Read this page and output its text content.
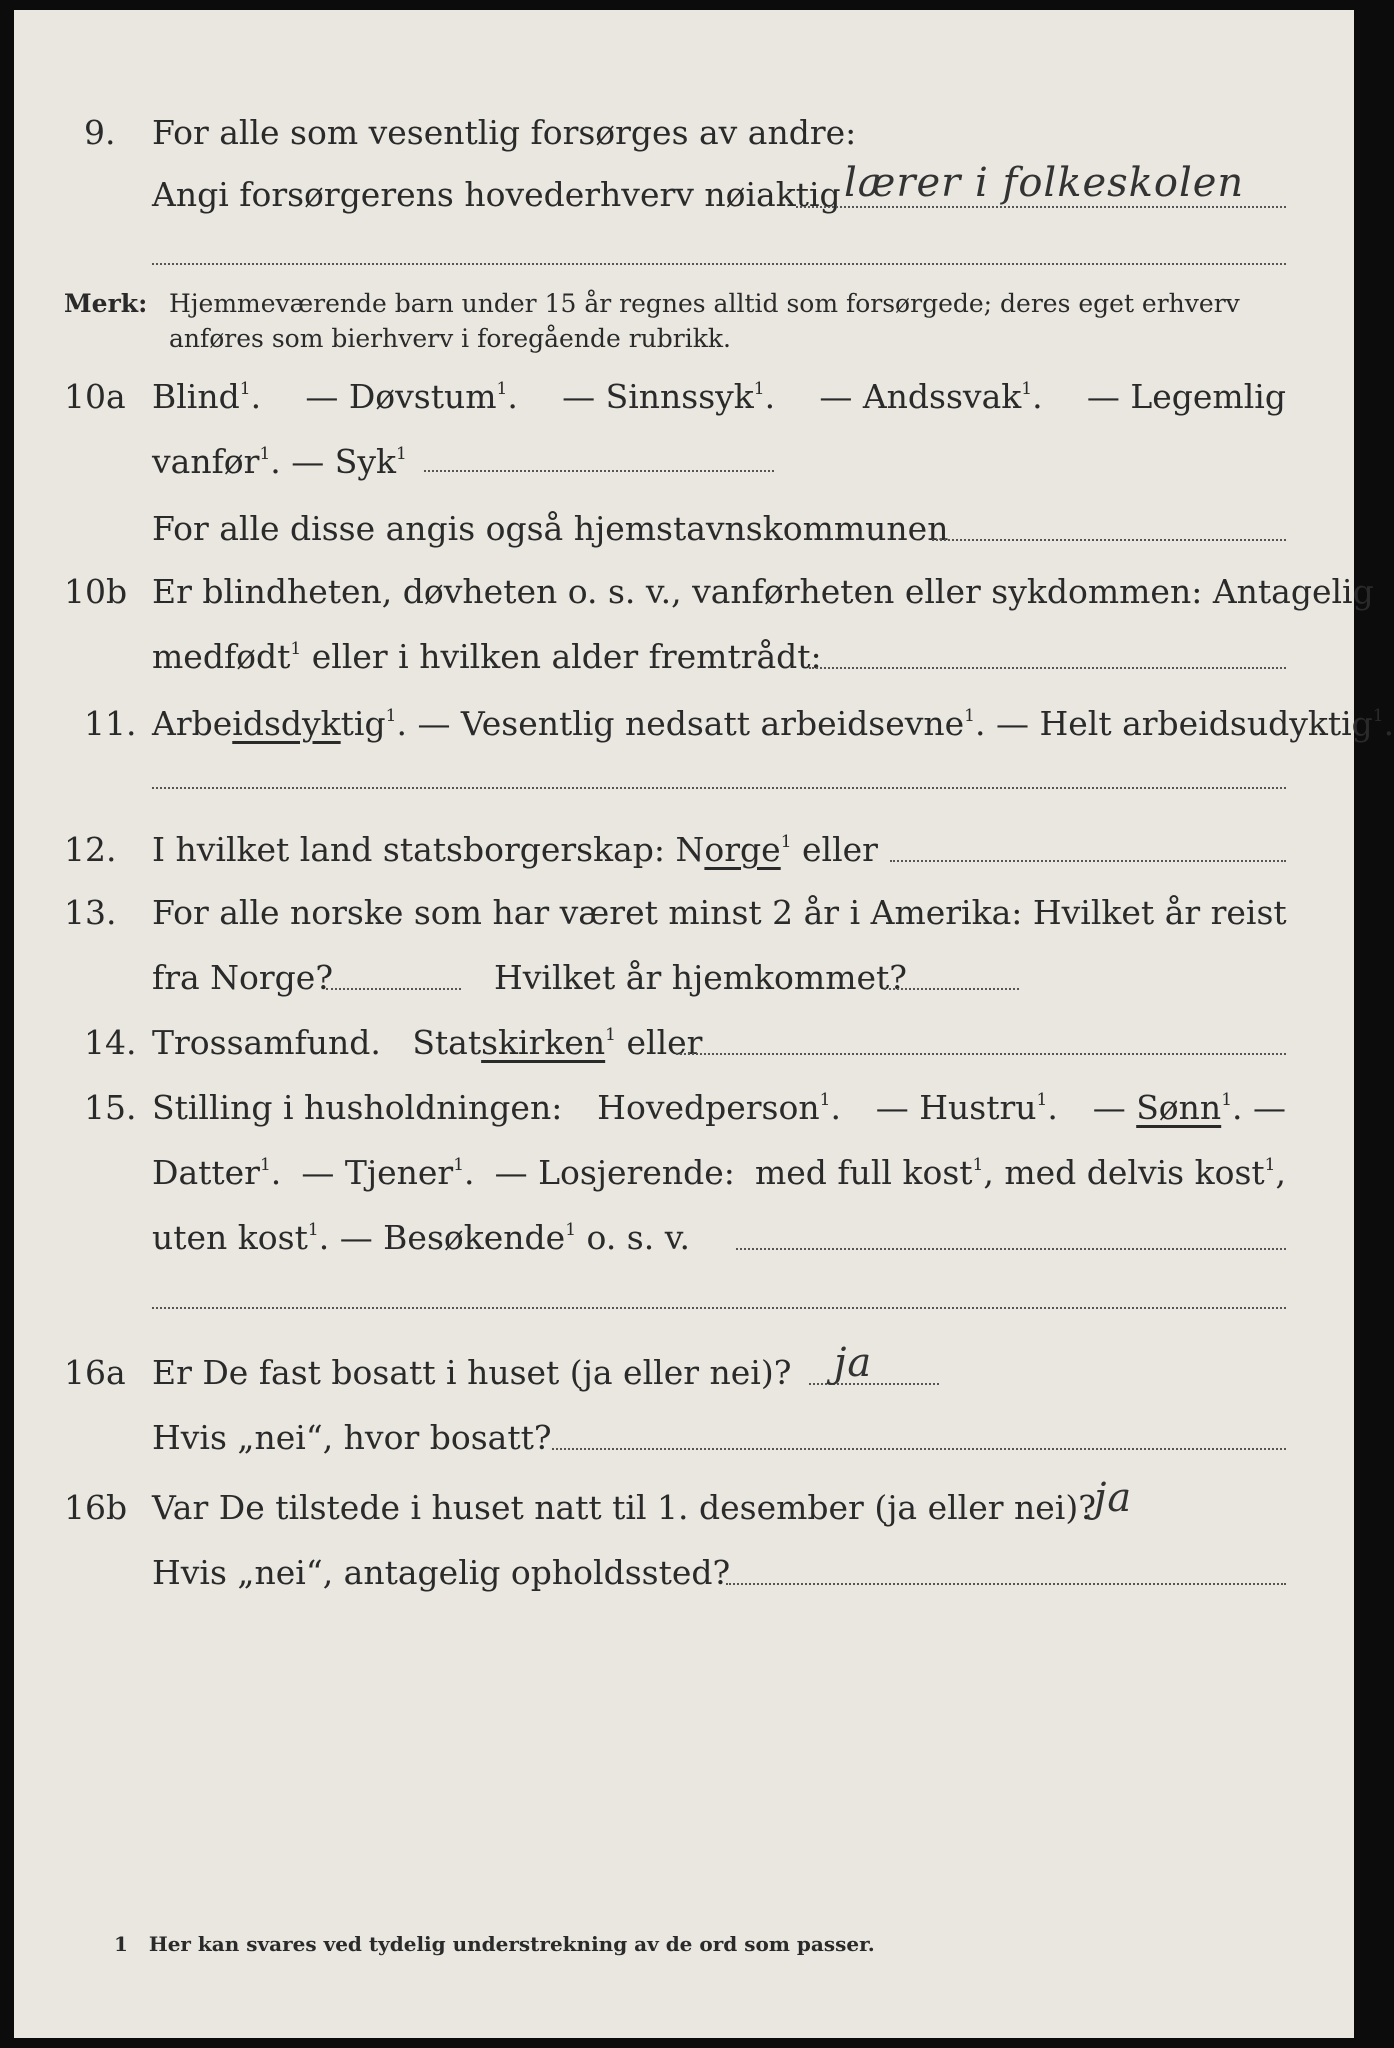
9. For alle som vesentlig forsørges av andre:
Angi forsørgerens hovederhverv nøiaktig lærer i folkeskolen
Merk: Hjemmeværende barn under 15 år regnes alltid som forsørgede; deres eget erhverv
anføres som bierhverv i foregående rubrikk.
10a Blind$^1$. — Døvstum$^1$. — Sinnssyk$^1$. — Andssvak$^1$. — Legemlig
vanfør$^1$. — Syk$^1$
For alle disse angis også hjemstavnskommunen
10b Er blindheten, døvheten o. s. v., vanførheten eller sykdommen: Antagelig
medfødt$^1$ eller i hvilken alder fremtrådt:
11. Arbeidsdyktig$^1$. — Vesentlig nedsatt arbeidsevne$^1$. — Helt arbeidsudyktig$^1$.
12. I hvilket land statsborgerskap: Norge$^1$ eller
13. For alle norske som har været minst 2 år i Amerika: Hvilket år reist
fra Norge?	Hvilket år hjemkommet?
14. Trossamfund. Statskirken$^1$ eller
15. Stilling i husholdningen: Hovedperson$^1$. — Hustru$^1$. — Sønn$^1$. —
Datter$^1$. — Tjener$^1$. — Losjerende: med full kost$^1$, med delvis kost$^1$,
uten kost$^1$. — Besøkende$^1$ o. s. v.
16a Er De fast bosatt i huset (ja eller nei)? ja
Hvis „nei“, hvor bosatt?
16b Var De tilstede i huset natt til 1. desember (ja eller nei)?
ja
Hvis „nei“, antagelig opholdssted?
1 Her kan svares ved tydelig understrekning av de ord som passer.
